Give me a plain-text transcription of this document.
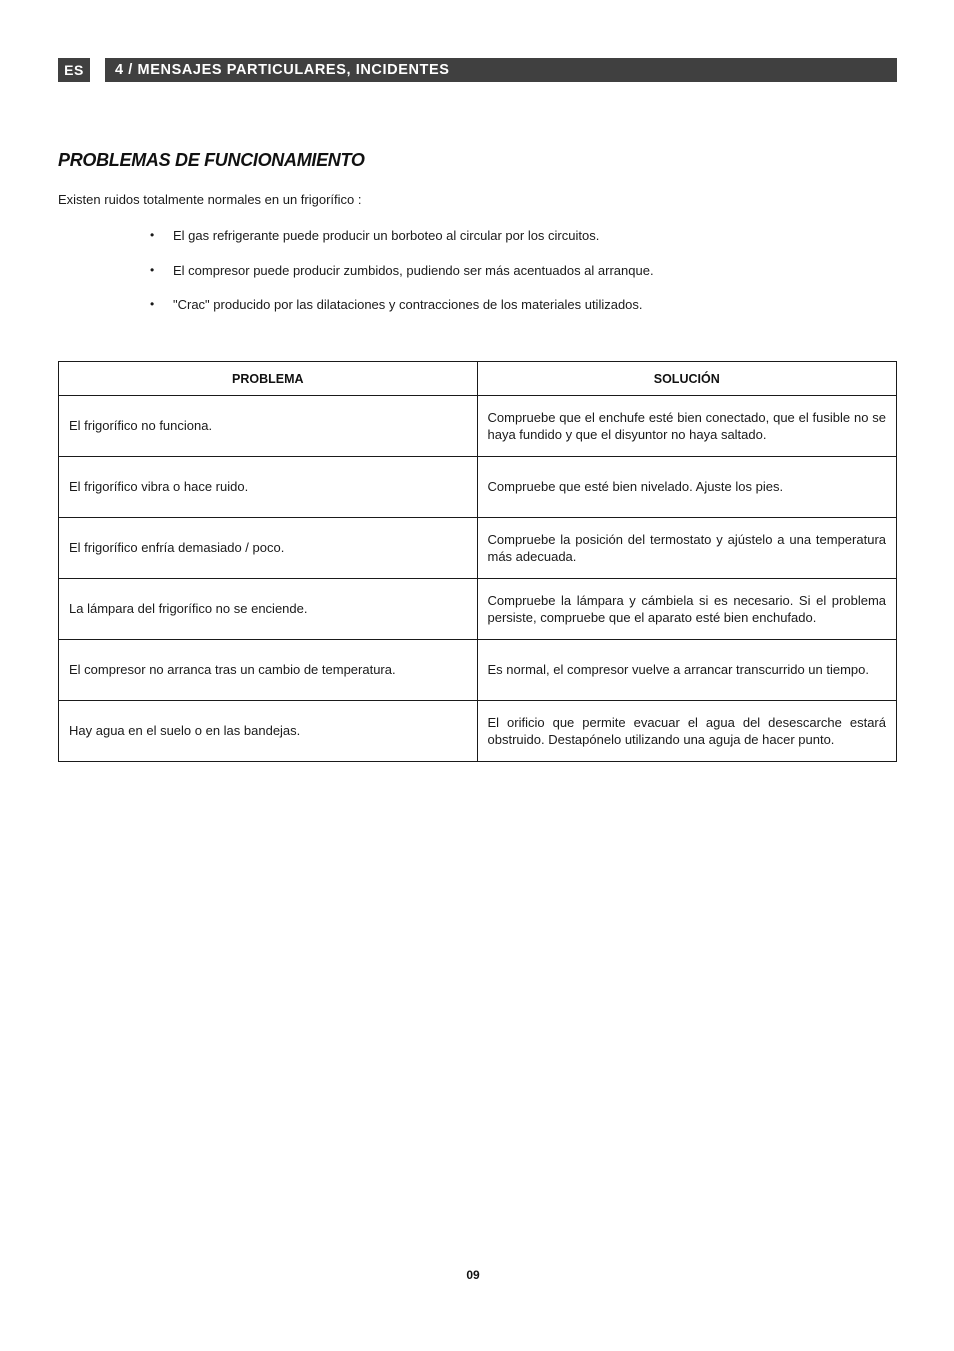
ES	4 / MENSAJES PARTICULARES, INCIDENTES
PROBLEMAS DE FUNCIONAMIENTO

Existen ruidos totalmente normales en un frigorífico :

• El gas refrigerante puede producir un borboteo al circular por los circuitos.
• El compresor puede producir zumbidos, pudiendo ser más acentuados al arranque.
• "Crac" producido por las dilataciones y contracciones de los materiales utilizados.
PROBLEMA	SOLUCIÓN
El frigorífico no funciona.	Compruebe que el enchufe esté bien conectado, que el fusible no se haya fundido y que el disyuntor no haya saltado.
El frigorífico vibra o hace ruido.	Compruebe que esté bien nivelado. Ajuste los pies.
El frigorífico enfría demasiado / poco.	Compruebe la posición del termostato y ajústelo a una temperatura más adecuada.
La lámpara del frigorífico no se enciende.	Compruebe la lámpara y cámbiela si es necesario. Si el problema persiste, compruebe que el aparato esté bien enchufado.
El compresor no arranca tras un cambio de temperatura.	Es normal, el compresor vuelve a arrancar transcurrido un tiempo.
Hay agua en el suelo o en las bandejas.	El orificio que permite evacuar el agua del desescarche estará obstruido. Destapónelo utilizando una aguja de hacer punto.
09
